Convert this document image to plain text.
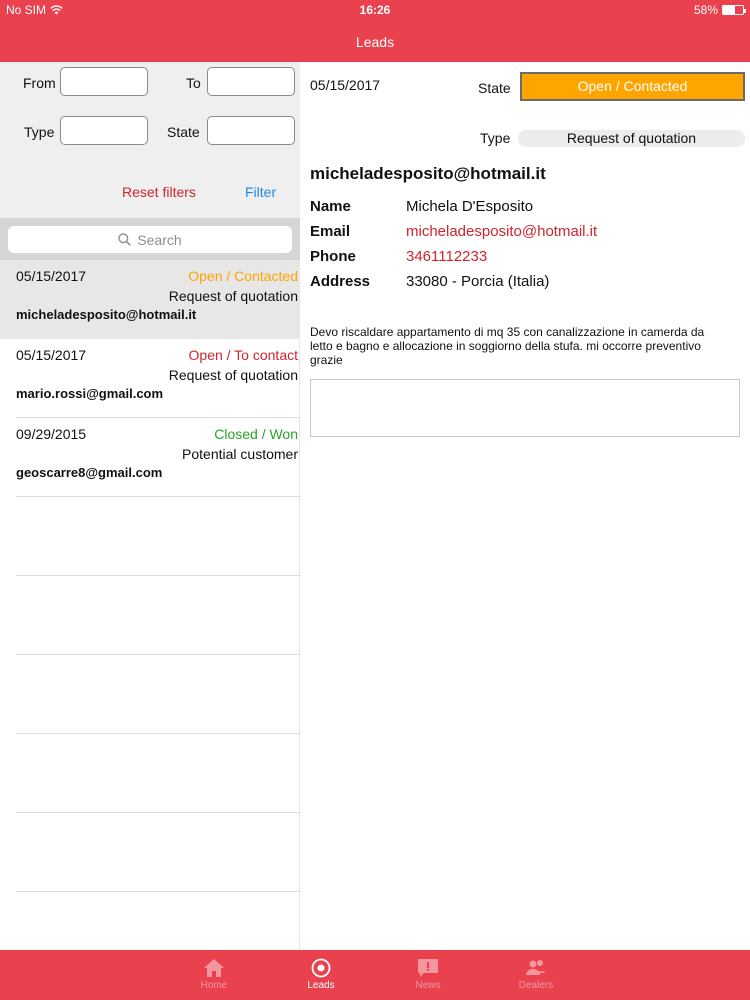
No SIM	16:26	58%
Leads
From	To
Type	State
Reset filters	Filter
Search
05/15/2017	Open / Contacted
Request of quotation
micheladesposito@hotmail.it
05/15/2017	Open / To contact
Request of quotation
mario.rossi@gmail.com
09/29/2015	Closed / Won
Potential customer
geoscarre8@gmail.com
05/15/2017	State	Open / Contacted
Type	Request of quotation
micheladesposito@hotmail.it
Name	Michela D'Esposito
Email	micheladesposito@hotmail.it
Phone	3461112233
Address 33080 - Porcia (Italia)
Devo riscaldare appartamento di mq 35 con canalizzazione in camerda da letto e bagno e allocazione in soggiorno della stufa. mi occorre preventivo grazie
Home	Leads	News	Dealers
